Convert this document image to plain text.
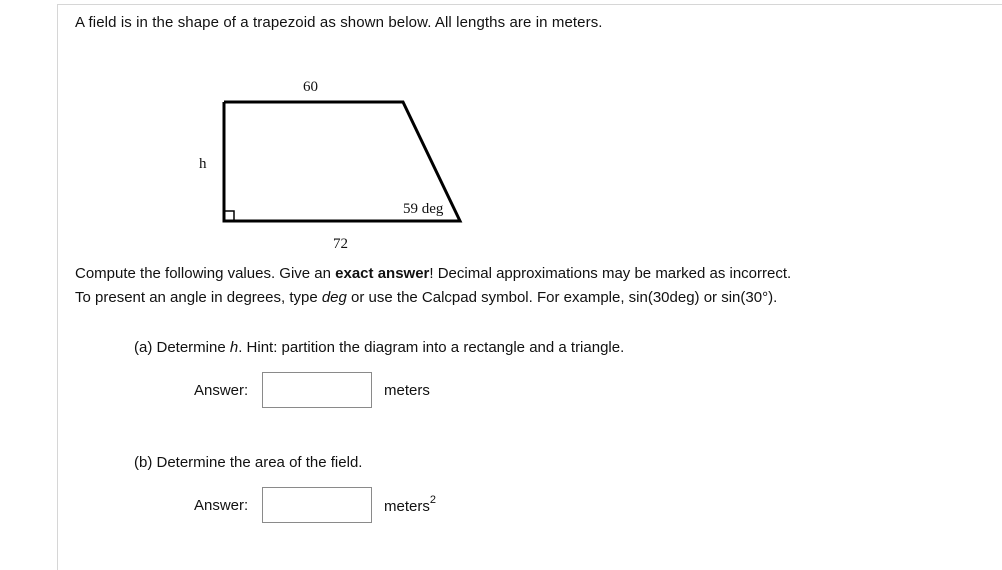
A field is in the shape of a trapezoid as shown below. All lengths are in meters.

60
72
h
59 deg

Compute the following values. Give an exact answer! Decimal approximations may be marked as incorrect.

To present an angle in degrees, type deg or use the Calcpad symbol. For example, sin(30deg) or sin(30°).

(a) Determine h. Hint: partition the diagram into a rectangle and a triangle.
Answer:	meters
(b) Determine the area of the field.
Answer:	meters$^2$
